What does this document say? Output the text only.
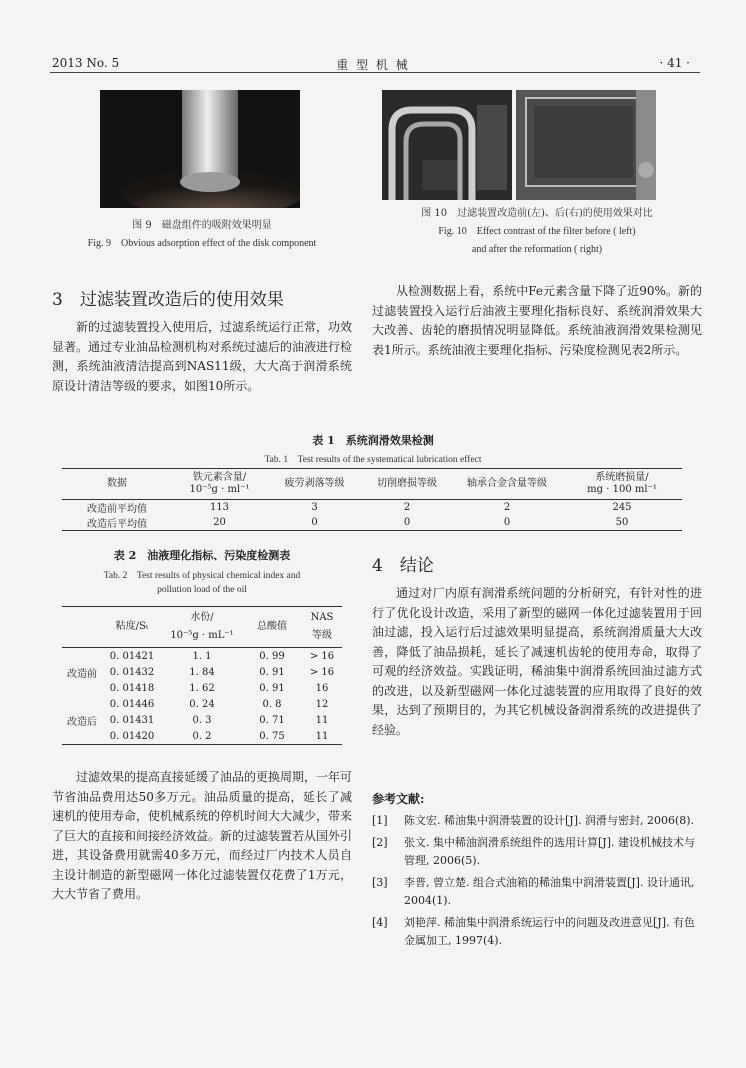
2013 No. 5	重 型 机 械	· 41 ·
图 9　磁盘组件的吸附效果明显
Fig. 9　Obvious adsorption effect of the disk component
图 10　过滤装置改造前(左)、后(右)的使用效果对比
Fig. 10　Effect contrast of the filter before ( left)
and after the reformation ( right)
3　过滤装置改造后的使用效果

新的过滤装置投入使用后，过滤系统运行正常，功效显著。通过专业油品检测机构对系统过滤后的油液进行检测，系统油液清洁提高到NAS11级，大大高于润滑系统原设计清洁等级的要求，如图10所示。

从检测数据上看，系统中Fe元素含量下降了近90%。新的过滤装置投入运行后油液主要理化指标良好、系统润滑效果大大改善、齿轮的磨损情况明显降低。系统油液润滑效果检测见表1所示。系统油液主要理化指标、污染度检测见表2所示。

表 1　系统润滑效果检测
Tab. 1　Test results of the systematical lubrication effect
数据	铁元素含量/
10⁻⁵g · ml⁻¹	疲劳剥落等级	切削磨损等级	轴承合金含量等级	系统磨损量/
mg · 100 ml⁻¹
改造前平均值	113	3	2	2	245
改造后平均值	20	0	0	0	50
表 2　油液理化指标、污染度检测表
Tab. 2　Test results of physical chemical index and
pollution load of the oil
	粘度/Sₜ	水份/
10⁻⁵g · mL⁻¹	总酸值	NAS
等级
改造前	0. 01421	1. 1	0. 99	> 16
	0. 01432	1. 84	0. 91	> 16
	0. 01418	1. 62	0. 91	16
改造后	0. 01446	0. 24	0. 8	12
	0. 01431	0. 3	0. 71	11
	0. 01420	0. 2	0. 75	11

过滤效果的提高直接延缓了油品的更换周期，一年可节省油品费用达50多万元。油品质量的提高，延长了减速机的使用寿命，使机械系统的停机时间大大减少，带来了巨大的直接和间接经济效益。新的过滤装置若从国外引进，其设备费用就需40多万元，而经过厂内技术人员自主设计制造的新型磁网一体化过滤装置仅花费了1万元，大大节省了费用。

4　结论

通过对厂内原有润滑系统问题的分析研究，有针对性的进行了优化设计改造，采用了新型的磁网一体化过滤装置用于回油过滤，投入运行后过滤效果明显提高，系统润滑质量大大改善，降低了油品损耗，延长了减速机齿轮的使用寿命，取得了可观的经济效益。实践证明，稀油集中润滑系统回油过滤方式的改进，以及新型磁网一体化过滤装置的应用取得了良好的效果，达到了预期目的，为其它机械设备润滑系统的改进提供了经验。

参考文献:
[1]	陈文宏. 稀油集中润滑装置的设计[J]. 润滑与密封, 2006(8).
[2]	张文. 集中稀油润滑系统组件的选用计算[J]. 建设机械技术与管理, 2006(5).
[3]	李普, 曾立楚. 组合式油箱的稀油集中润滑装置[J]. 设计通讯, 2004(1).
[4]	刘艳萍. 稀油集中润滑系统运行中的问题及改进意见[J]. 有色金属加工, 1997(4).
